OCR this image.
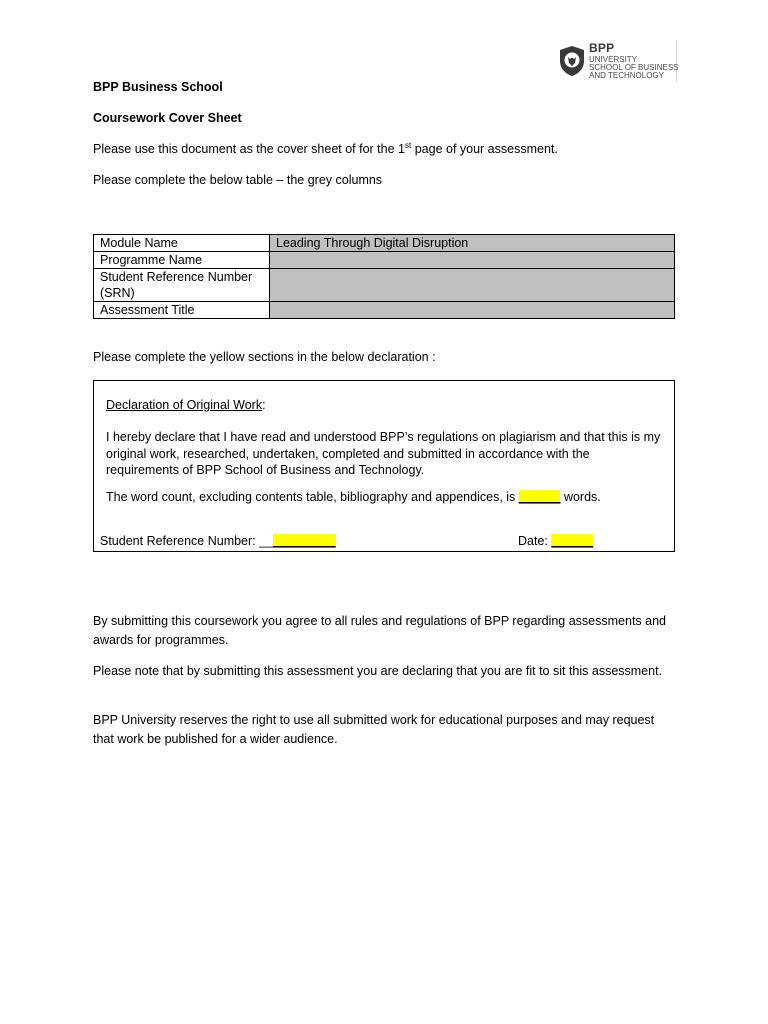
BPP
UNIVERSITY
SCHOOL OF BUSINESS
AND TECHNOLOGY
BPP Business School
Coursework Cover Sheet
Please use this document as the cover sheet of for the 1st page of your assessment.
Please complete the below table – the grey columns
Module Name	Leading Through Digital Disruption
Programme Name	
Student Reference Number (SRN)	
Assessment Title	
Please complete the yellow sections in the below declaration :
Declaration of Original Work:
I hereby declare that I have read and understood BPP’s regulations on plagiarism and that this is my original work, researched, undertaken, completed and submitted in accordance with the requirements of BPP School of Business and Technology.
The word count, excluding contents table, bibliography and appendices, is ______ words.
Student Reference Number: ___________	Date: ______
By submitting this coursework you agree to all rules and regulations of BPP regarding assessments and awards for programmes.
Please note that by submitting this assessment you are declaring that you are fit to sit this assessment.
BPP University reserves the right to use all submitted work for educational purposes and may request that work be published for a wider audience.
